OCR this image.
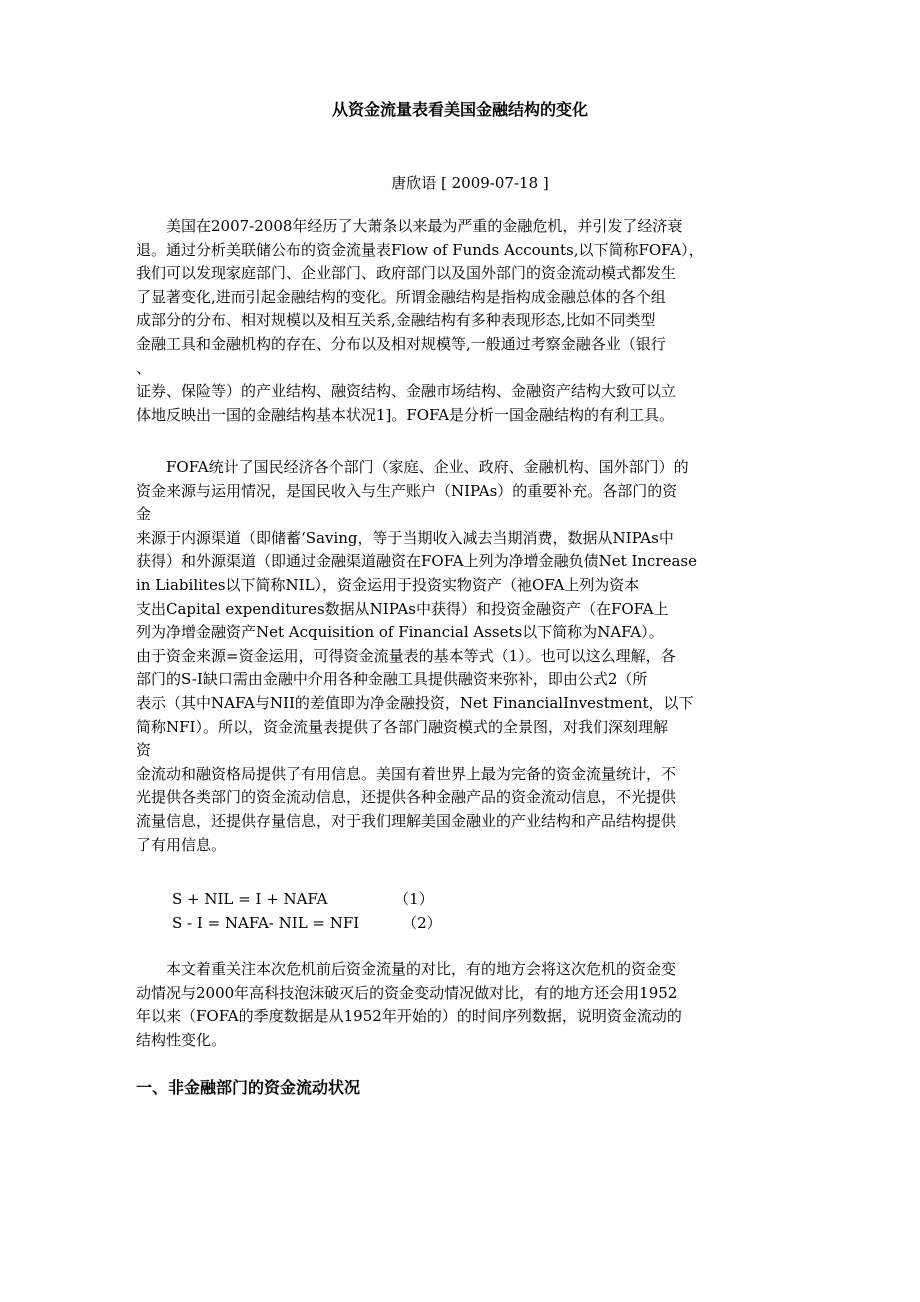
从资金流量表看美国金融结构的变化

唐欣语 [ 2009-07-18 ]

　　美国在2007-2008年经历了大萧条以来最为严重的金融危机，并引发了经济衰
退。通过分析美联储公布的资金流量表Flow of Funds Accounts,以下简称FOFA），
我们可以发现家庭部门、企业部门、政府部门以及国外部门的资金流动模式都发生
了显著变化,进而引起金融结构的变化。所谓金融结构是指构成金融总体的各个组
成部分的分布、相对规模以及相互关系,金融结构有多种表现形态,比如不同类型
金融工具和金融机构的存在、分布以及相对规模等,一般通过考察金融各业（银行
、
证券、保险等）的产业结构、融资结构、金融市场结构、金融资产结构大致可以立
体地反映出一国的金融结构基本状况1]。FOFA是分析一国金融结构的有利工具。

　　FOFA统计了国民经济各个部门（家庭、企业、政府、金融机构、国外部门）的
资金来源与运用情况，是国民收入与生产账户（NIPAs）的重要补充。各部门的资
金
来源于内源渠道（即储蓄‘Saving，等于当期收入减去当期消费，数据从NIPAs中
获得）和外源渠道（即通过金融渠道融资在FOFA上列为净增金融负债Net Increase
in Liabilites以下简称NIL），资金运用于投资实物资产（祂OFA上列为资本
支出Capital expenditures数据从NIPAs中获得）和投资金融资产（在FOFA上
列为净增金融资产Net Acquisition of Financial Assets以下简称为NAFA）。
由于资金来源=资金运用，可得资金流量表的基本等式（1）。也可以这么理解，各
部门的S-I缺口需由金融中介用各种金融工具提供融资来弥补，即由公式2（所
表示（其中NAFA与NII的差值即为净金融投资，Net FinancialInvestment，以下
简称NFI）。所以，资金流量表提供了各部门融资模式的全景图，对我们深刻理解
资
金流动和融资格局提供了有用信息。美国有着世界上最为完备的资金流量统计，不
光提供各类部门的资金流动信息，还提供各种金融产品的资金流动信息，不光提供
流量信息，还提供存量信息，对于我们理解美国金融业的产业结构和产品结构提供
了有用信息。

S + NIL = I + NAFA              （1）

S - I = NAFA- NIL = NFI         （2）

　　本文着重关注本次危机前后资金流量的对比，有的地方会将这次危机的资金变
动情况与2000年高科技泡沫破灭后的资金变动情况做对比，有的地方还会用1952
年以来（FOFA的季度数据是从1952年开始的）的时间序列数据，说明资金流动的
结构性变化。

一、非金融部门的资金流动状况
